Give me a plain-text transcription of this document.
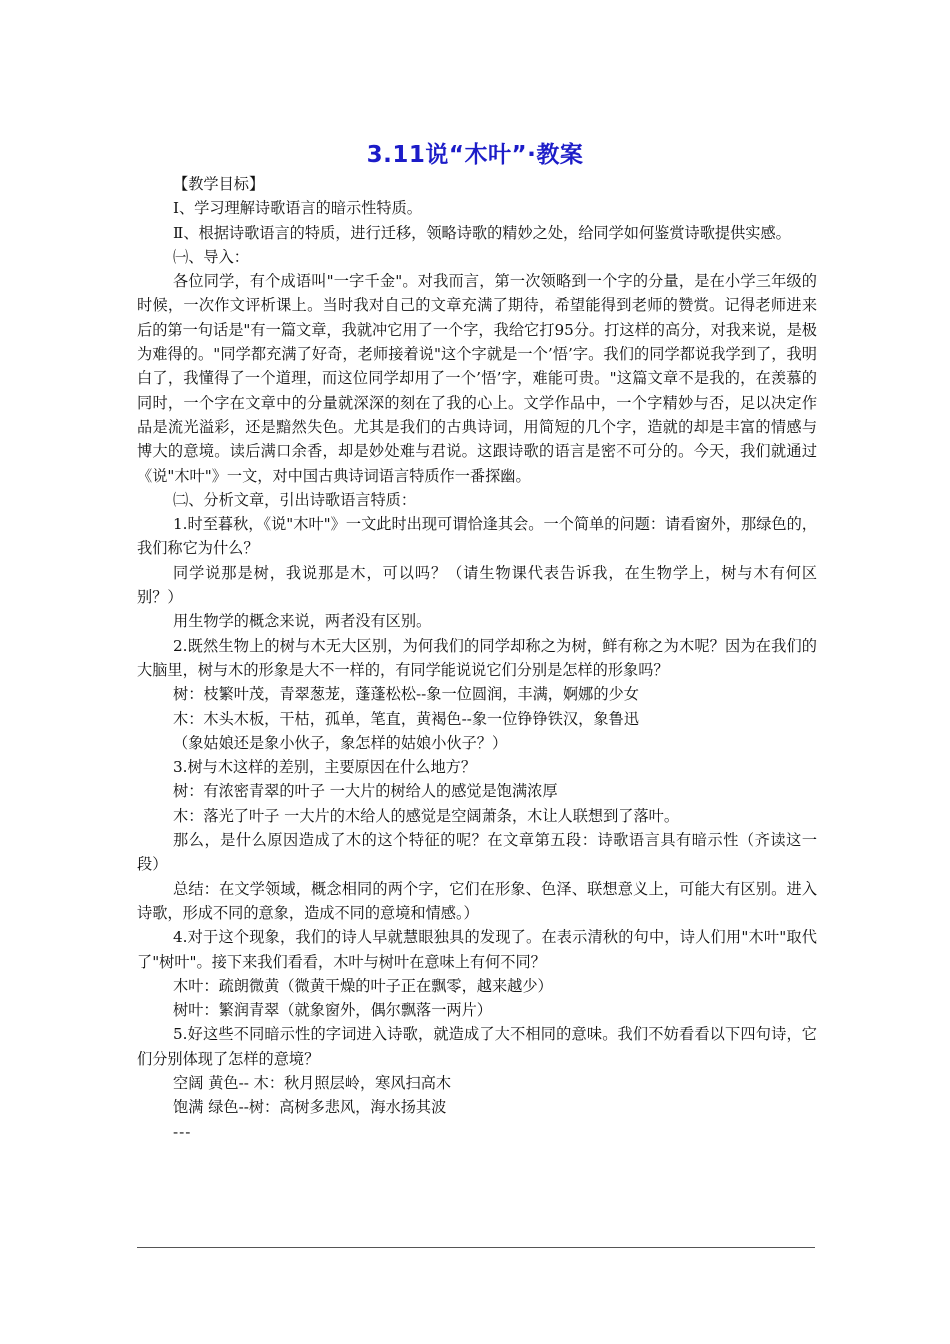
3.11说“木叶”·教案

【教学目标】

Ⅰ、学习理解诗歌语言的暗示性特质。

Ⅱ、根据诗歌语言的特质，进行迁移，领略诗歌的精妙之处，给同学如何鉴赏诗歌提供实感。

㈠、导入：

各位同学，有个成语叫"一字千金"。对我而言，第一次领略到一个字的分量，是在小学三年级的时候，一次作文评析课上。当时我对自己的文章充满了期待，希望能得到老师的赞赏。记得老师进来后的第一句话是"有一篇文章，我就冲它用了一个字，我给它打95分。打这样的高分，对我来说，是极为难得的。"同学都充满了好奇，老师接着说"这个字就是一个’悟’字。我们的同学都说我学到了，我明白了，我懂得了一个道理，而这位同学却用了一个’悟’字，难能可贵。"这篇文章不是我的，在羡慕的同时，一个字在文章中的分量就深深的刻在了我的心上。文学作品中，一个字精妙与否，足以决定作品是流光溢彩，还是黯然失色。尤其是我们的古典诗词，用简短的几个字，造就的却是丰富的情感与博大的意境。读后满口余香，却是妙处难与君说。这跟诗歌的语言是密不可分的。今天，我们就通过《说"木叶"》一文，对中国古典诗词语言特质作一番探幽。

㈡、分析文章，引出诗歌语言特质：

1.时至暮秋，《说"木叶"》一文此时出现可谓恰逢其会。一个简单的问题：请看窗外，那绿色的，我们称它为什么？

同学说那是树，我说那是木，可以吗？（请生物课代表告诉我，在生物学上，树与木有何区别？）

用生物学的概念来说，两者没有区别。

2.既然生物上的树与木无大区别，为何我们的同学却称之为树，鲜有称之为木呢？因为在我们的大脑里，树与木的形象是大不一样的，有同学能说说它们分别是怎样的形象吗？

树：枝繁叶茂，青翠葱茏，蓬蓬松松--象一位圆润，丰满，婀娜的少女

木：木头木板，干枯，孤单，笔直，黄褐色--象一位铮铮铁汉，象鲁迅

（象姑娘还是象小伙子，象怎样的姑娘小伙子？）

3.树与木这样的差别，主要原因在什么地方？

树：有浓密青翠的叶子 一大片的树给人的感觉是饱满浓厚

木：落光了叶子 一大片的木给人的感觉是空阔萧条，木让人联想到了落叶。

那么，是什么原因造成了木的这个特征的呢？在文章第五段：诗歌语言具有暗示性（齐读这一段）

总结：在文学领域，概念相同的两个字，它们在形象、色泽、联想意义上，可能大有区别。进入诗歌，形成不同的意象，造成不同的意境和情感。）

4.对于这个现象，我们的诗人早就慧眼独具的发现了。在表示清秋的句中，诗人们用"木叶"取代了"树叶"。接下来我们看看，木叶与树叶在意味上有何不同？

木叶：疏朗微黄（微黄干燥的叶子正在飘零，越来越少）

树叶：繁润青翠（就象窗外，偶尔飘落一两片）

5.好这些不同暗示性的字词进入诗歌，就造成了大不相同的意味。我们不妨看看以下四句诗，它们分别体现了怎样的意境？

空阔 黄色-- 木：秋月照层岭，寒风扫高木

饱满 绿色--树：高树多悲风，海水扬其波

---
